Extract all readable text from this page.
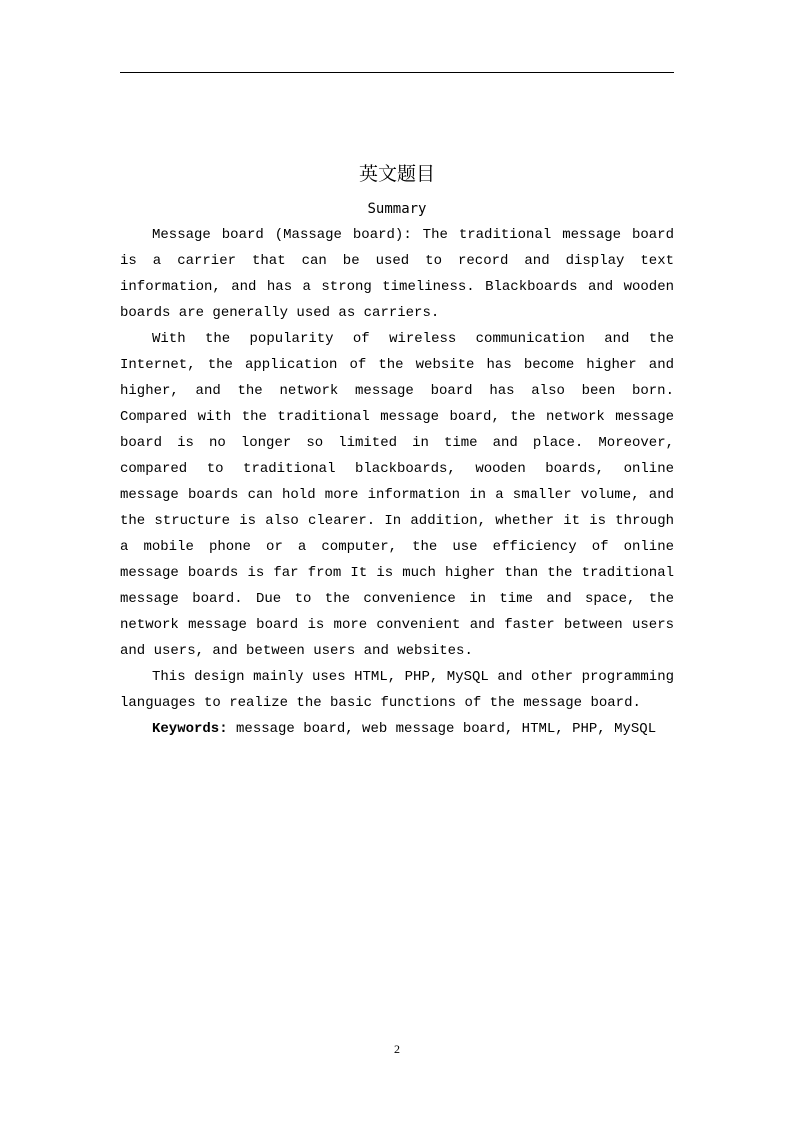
英文题目
Summary

Message board (Massage board): The traditional message board is a carrier that can be used to record and display text information, and has a strong timeliness. Blackboards and wooden boards are generally used as carriers.

With the popularity of wireless communication and the Internet, the application of the website has become higher and higher, and the network message board has also been born. Compared with the traditional message board, the network message board is no longer so limited in time and place. Moreover, compared to traditional blackboards, wooden boards, online message boards can hold more information in a smaller volume, and the structure is also clearer. In addition, whether it is through a mobile phone or a computer, the use efficiency of online message boards is far from It is much higher than the traditional message board. Due to the convenience in time and space, the network message board is more convenient and faster between users and users, and between users and websites.

This design mainly uses HTML, PHP, MySQL and other programming languages to realize the basic functions of the message board.

Keywords: message board, web message board, HTML, PHP, MySQL

2
